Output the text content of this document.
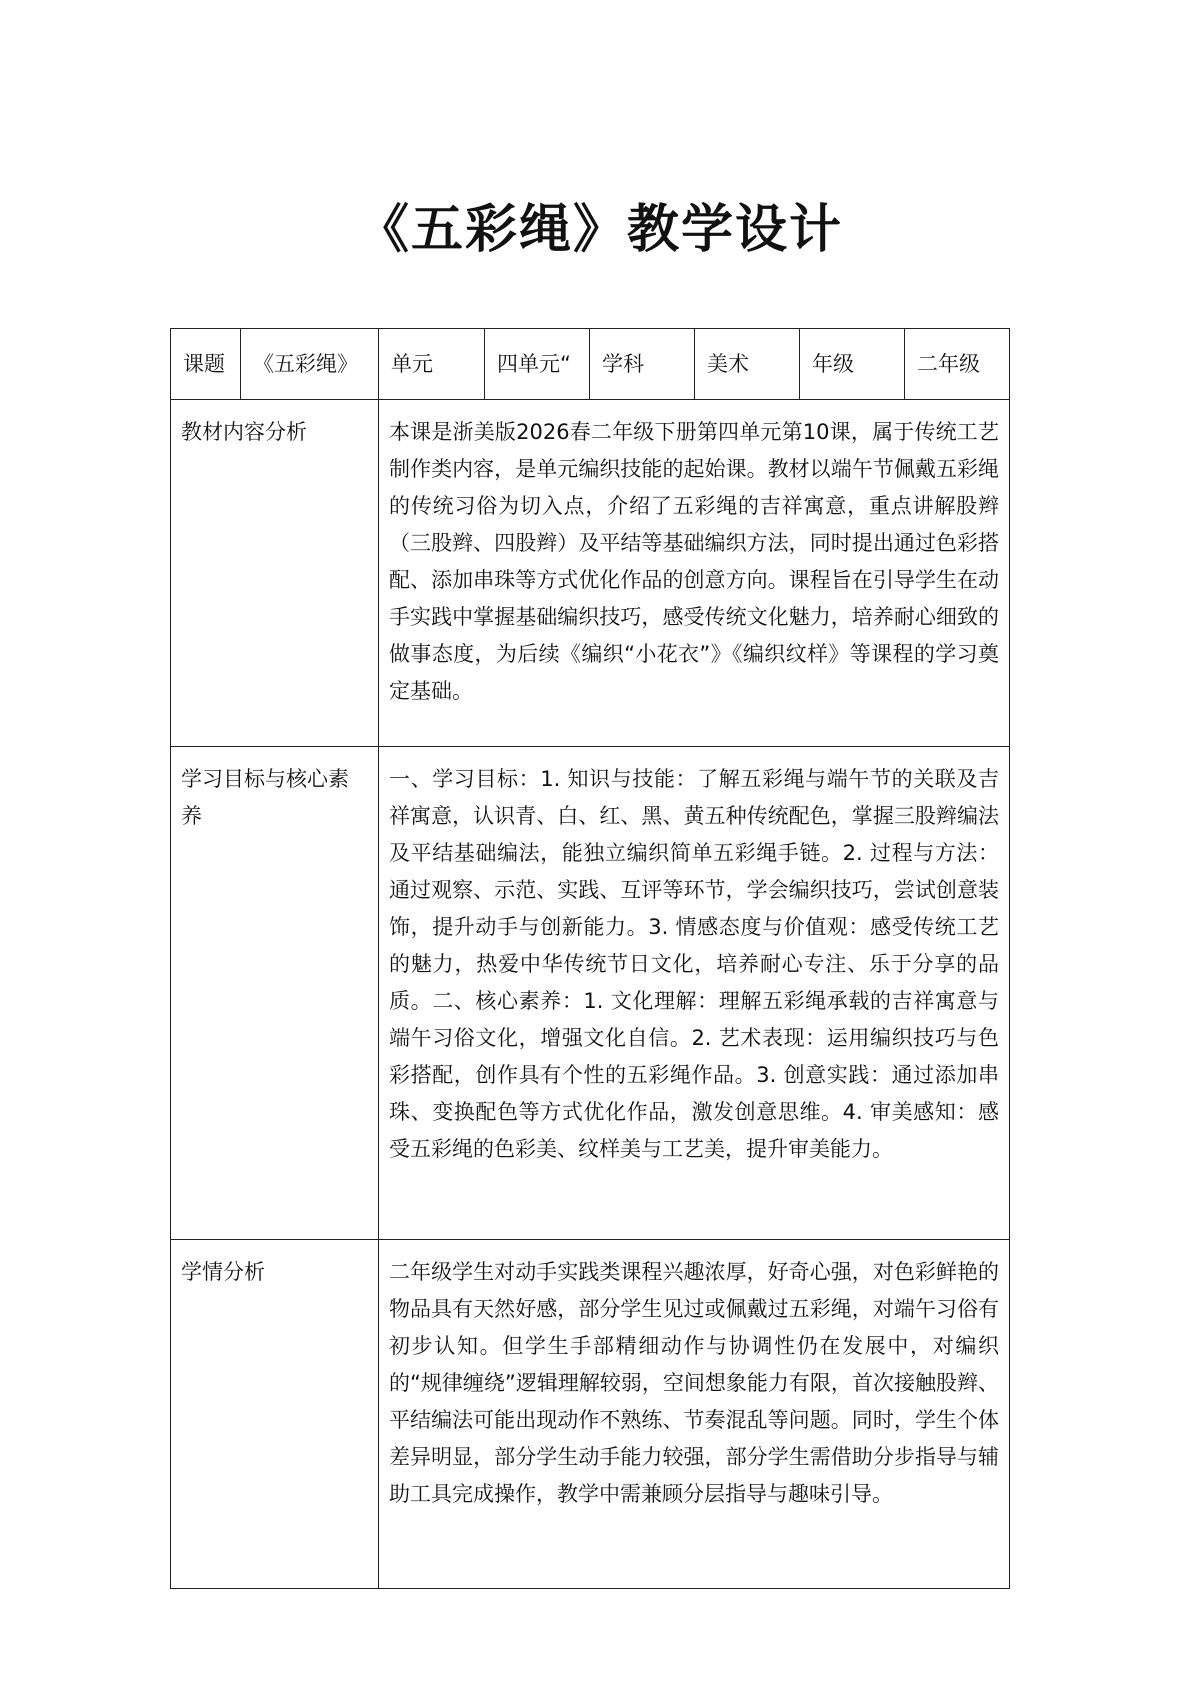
《五彩绳》教学设计
课题	《五彩绳》	单元	四单元“	学科	美术	年级	二年级
教材内容分析		本课是浙美版2026春二年级下册第四单元第10课，属于传统工艺制作类内容，是单元编织技能的起始课。教材以端午节佩戴五彩绳的传统习俗为切入点，介绍了五彩绳的吉祥寓意，重点讲解股辫（三股辫、四股辫）及平结等基础编织方法，同时提出通过色彩搭配、添加串珠等方式优化作品的创意方向。课程旨在引导学生在动手实践中掌握基础编织技巧，感受传统文化魅力，培养耐心细致的做事态度，为后续《编织“小花衣”》《编织纹样》等课程的学习奠定基础。					
学习目标与核心素养		一、学习目标：1. 知识与技能：了解五彩绳与端午节的关联及吉祥寓意，认识青、白、红、黑、黄五种传统配色，掌握三股辫编法及平结基础编法，能独立编织简单五彩绳手链。2. 过程与方法：通过观察、示范、实践、互评等环节，学会编织技巧，尝试创意装饰，提升动手与创新能力。3. 情感态度与价值观：感受传统工艺的魅力，热爱中华传统节日文化，培养耐心专注、乐于分享的品质。二、核心素养：1. 文化理解：理解五彩绳承载的吉祥寓意与端午习俗文化，增强文化自信。2. 艺术表现：运用编织技巧与色彩搭配，创作具有个性的五彩绳作品。3. 创意实践：通过添加串珠、变换配色等方式优化作品，激发创意思维。4. 审美感知：感受五彩绳的色彩美、纹样美与工艺美，提升审美能力。					
学情分析		二年级学生对动手实践类课程兴趣浓厚，好奇心强，对色彩鲜艳的物品具有天然好感，部分学生见过或佩戴过五彩绳，对端午习俗有初步认知。但学生手部精细动作与协调性仍在发展中，对编织的“规律缠绕”逻辑理解较弱，空间想象能力有限，首次接触股辫、平结编法可能出现动作不熟练、节奏混乱等问题。同时，学生个体差异明显，部分学生动手能力较强，部分学生需借助分步指导与辅助工具完成操作，教学中需兼顾分层指导与趣味引导。					
